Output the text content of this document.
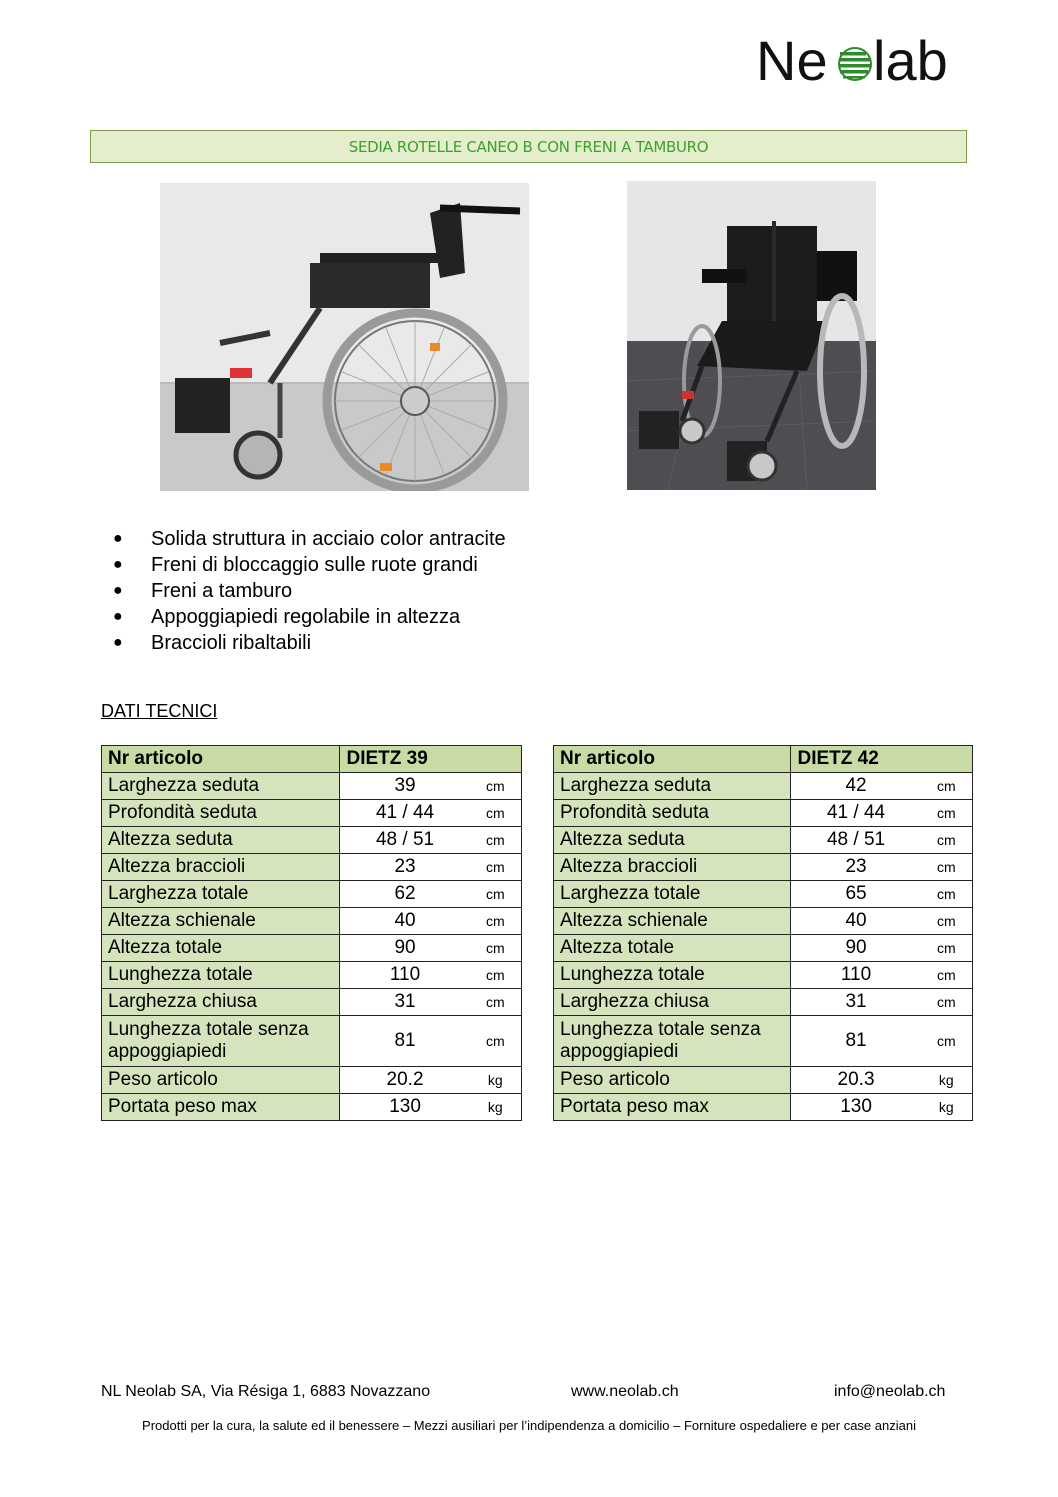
Ne lab
SEDIA ROTELLE CANEO B CON FRENI A TAMBURO
● Solida struttura in acciaio color antracite
● Freni di bloccaggio sulle ruote grandi
● Freni a tamburo
● Appoggiapiedi regolabile in altezza
● Braccioli ribaltabili
DATI TECNICI
Nr articolo	DIETZ 39	
Larghezza seduta	39	cm
Profondità seduta	41 / 44	cm
Altezza seduta	48 / 51	cm
Altezza braccioli	23	cm
Larghezza totale	62	cm
Altezza schienale	40	cm
Altezza totale	90	cm
Lunghezza totale	110	cm
Larghezza chiusa	31	cm
Lunghezza totale senza appoggiapiedi	81	cm
Peso articolo	20.2	kg
Portata peso max	130	kg
Nr articolo	DIETZ 42	
Larghezza seduta	42	cm
Profondità seduta	41 / 44	cm
Altezza seduta	48 / 51	cm
Altezza braccioli	23	cm
Larghezza totale	65	cm
Altezza schienale	40	cm
Altezza totale	90	cm
Lunghezza totale	110	cm
Larghezza chiusa	31	cm
Lunghezza totale senza appoggiapiedi	81	cm
Peso articolo	20.3	kg
Portata peso max	130	kg
NL Neolab SA, Via Résiga 1, 6883 Novazzano	www.neolab.ch	info@neolab.ch
Prodotti per la cura, la salute ed il benessere – Mezzi ausiliari per l’indipendenza a domicilio – Forniture ospedaliere e per case anziani
